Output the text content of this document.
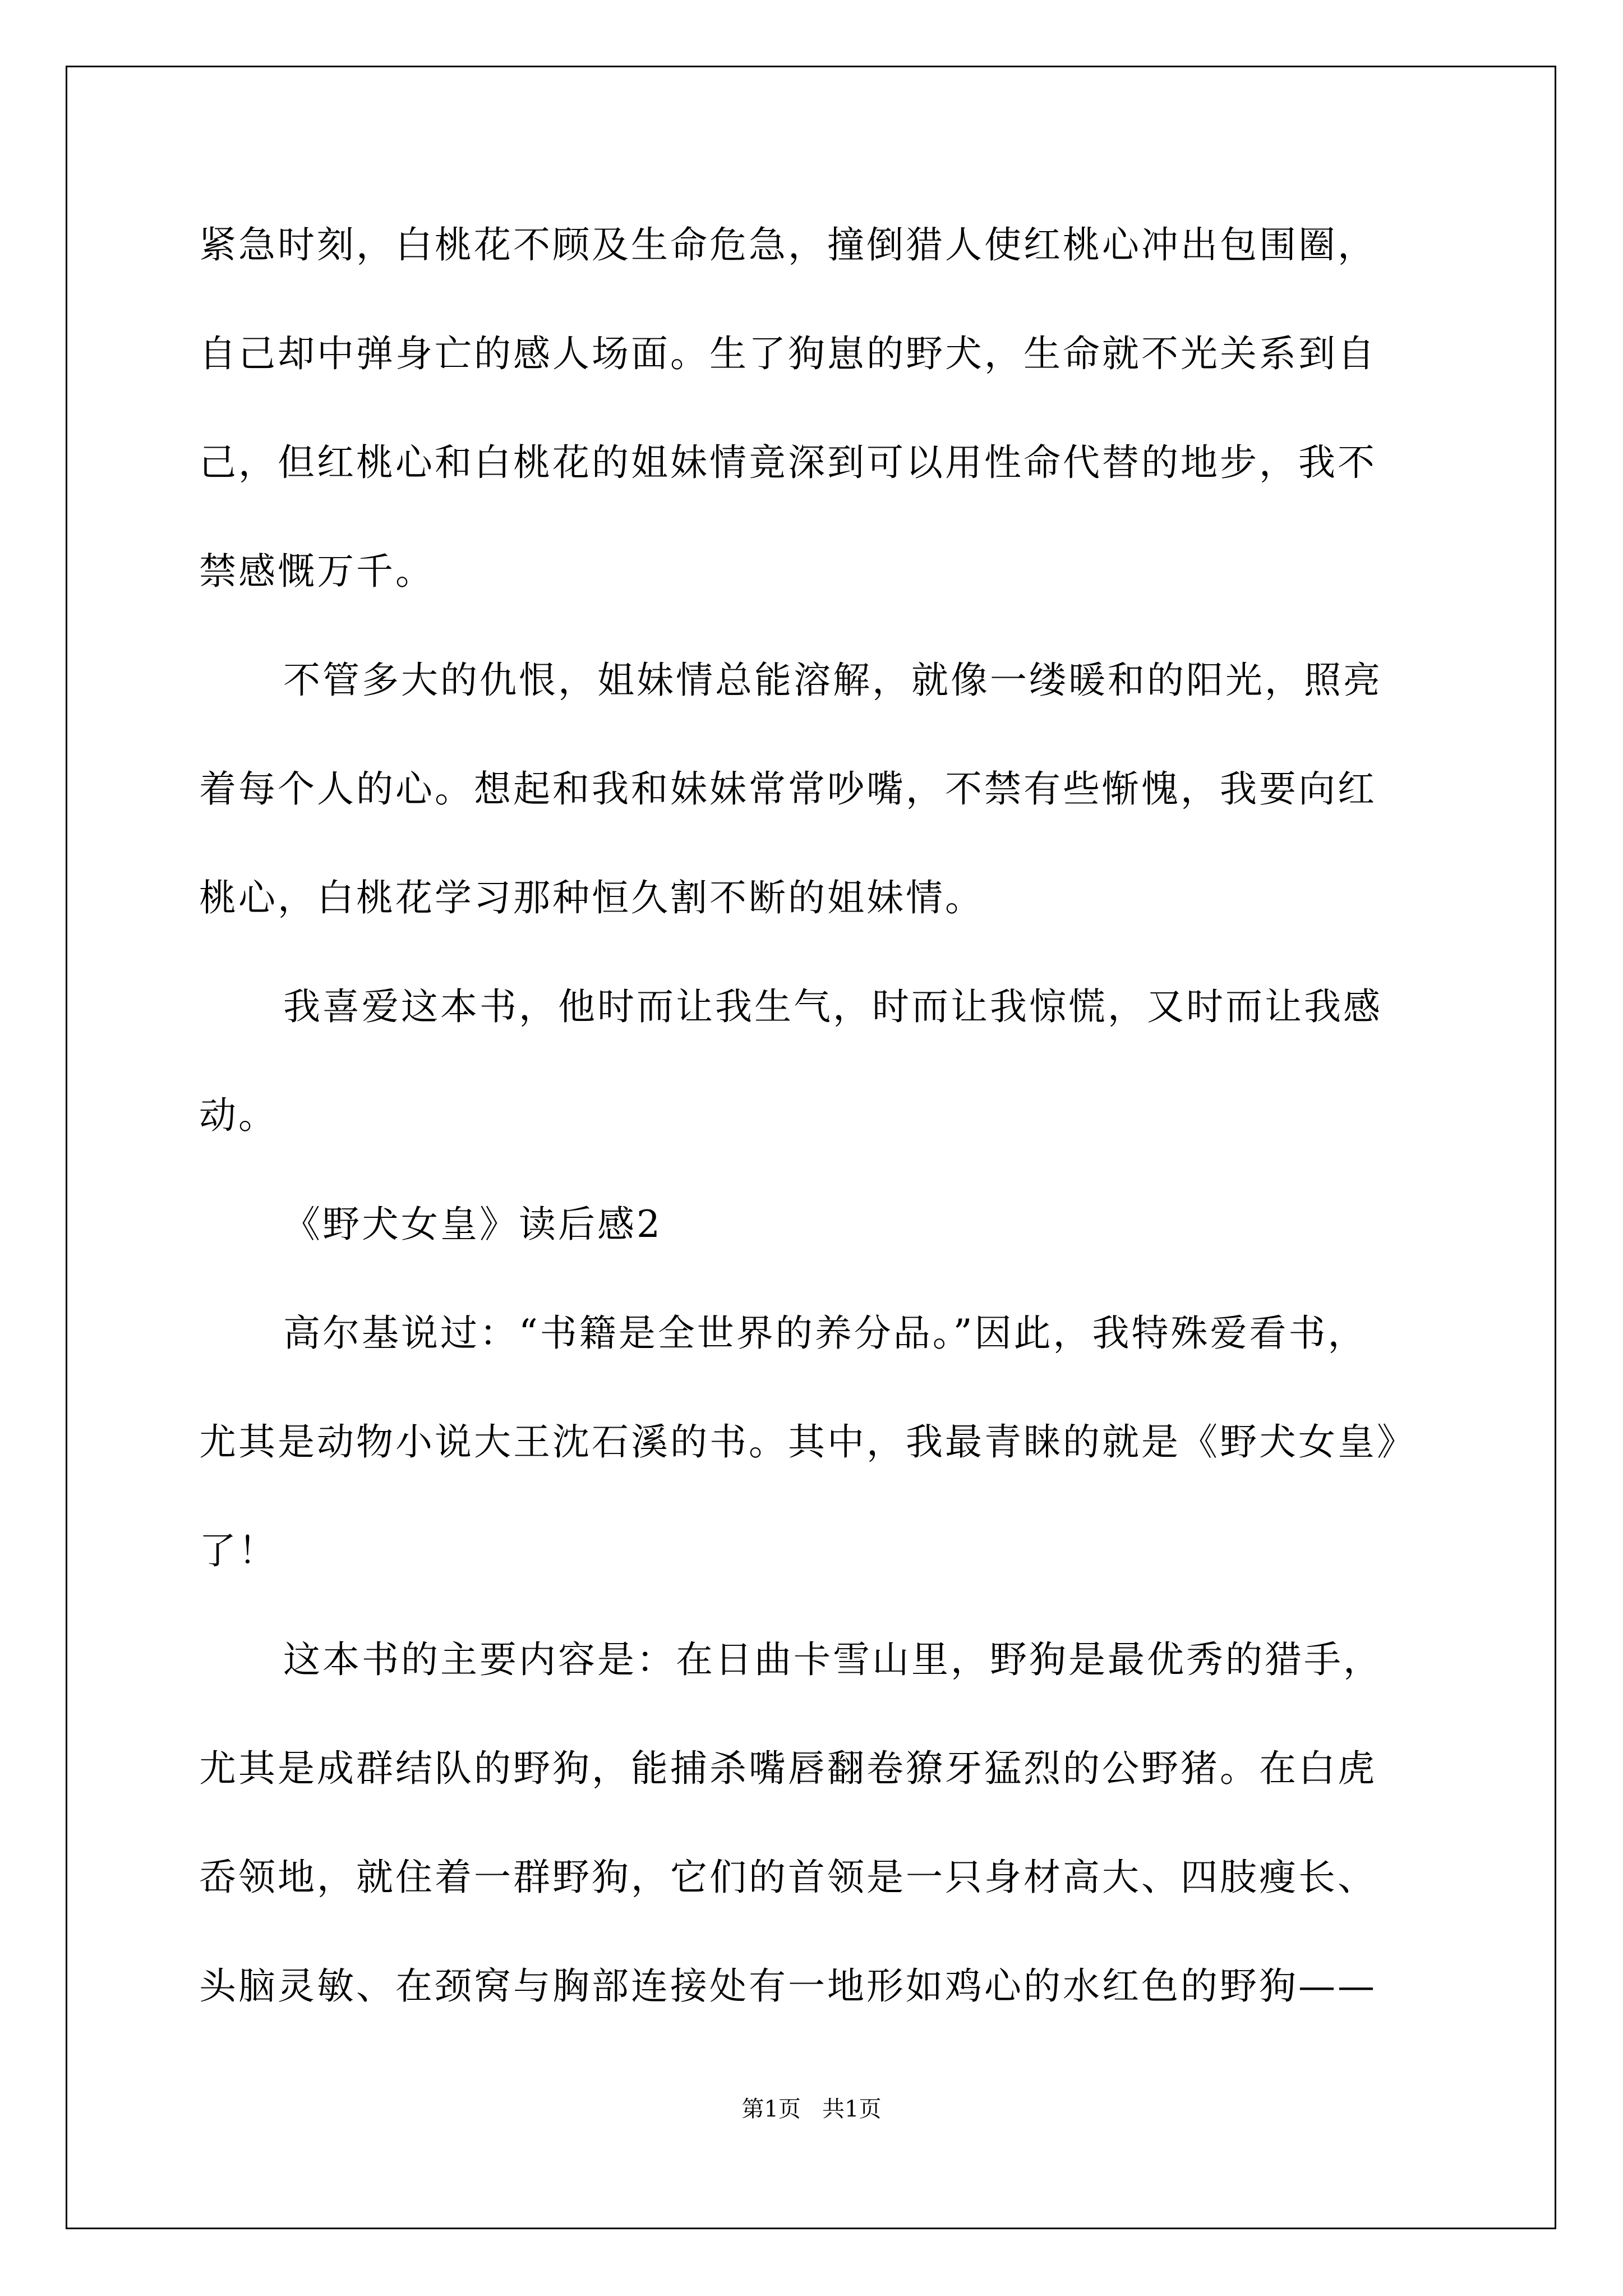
紧急时刻，白桃花不顾及生命危急，撞倒猎人使红桃心冲出包围圈，
自己却中弹身亡的感人场面。生了狗崽的野犬，生命就不光关系到自
己，但红桃心和白桃花的姐妹情竟深到可以用性命代替的地步，我不
禁感慨万千。
不管多大的仇恨，姐妹情总能溶解，就像一缕暖和的阳光，照亮
着每个人的心。想起和我和妹妹常常吵嘴，不禁有些惭愧，我要向红
桃心，白桃花学习那种恒久割不断的姐妹情。
我喜爱这本书，他时而让我生气，时而让我惊慌，又时而让我感
动。
《野犬女皇》读后感2
高尔基说过：“书籍是全世界的养分品。”因此，我特殊爱看书，
尤其是动物小说大王沈石溪的书。其中，我最青睐的就是《野犬女皇》
了！
这本书的主要内容是：在日曲卡雪山里，野狗是最优秀的猎手，
尤其是成群结队的野狗，能捕杀嘴唇翻卷獠牙猛烈的公野猪。在白虎
岙领地，就住着一群野狗，它们的首领是一只身材高大、四肢瘦长、
头脑灵敏、在颈窝与胸部连接处有一地形如鸡心的水红色的野狗——
第1页   共1页
